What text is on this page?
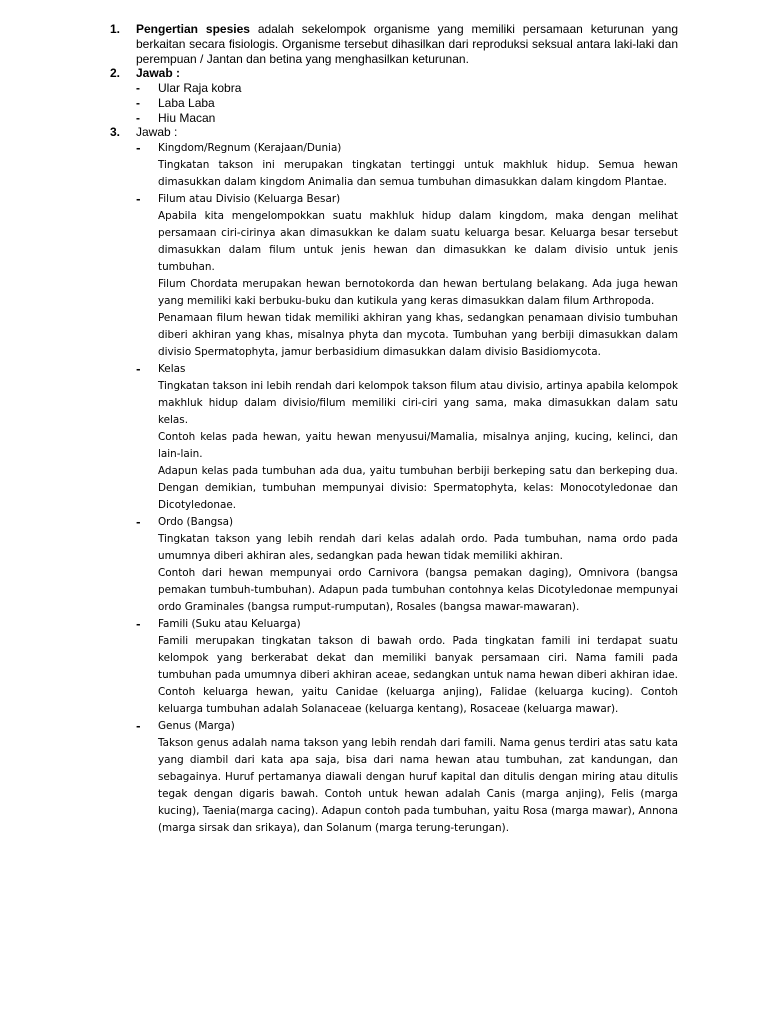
1. Pengertian spesies adalah sekelompok organisme yang memiliki persamaan keturunan yang berkaitan secara fisiologis. Organisme tersebut dihasilkan dari reproduksi seksual antara laki-laki dan perempuan / Jantan dan betina yang menghasilkan keturunan.
2. Jawab :
- Ular Raja kobra
- Laba Laba
- Hiu Macan
3. Jawab :
- Kingdom/Regnum (Kerajaan/Dunia)

Tingkatan takson ini merupakan tingkatan tertinggi untuk makhluk hidup. Semua hewan dimasukkan dalam kingdom Animalia dan semua tumbuhan dimasukkan dalam kingdom Plantae.

- Filum atau Divisio (Keluarga Besar)

Apabila kita mengelompokkan suatu makhluk hidup dalam kingdom, maka dengan melihat persamaan ciri-cirinya akan dimasukkan ke dalam suatu keluarga besar. Keluarga besar tersebut dimasukkan dalam filum untuk jenis hewan dan dimasukkan ke dalam divisio untuk jenis tumbuhan.

Filum Chordata merupakan hewan bernotokorda dan hewan bertulang belakang. Ada juga hewan yang memiliki kaki berbuku-buku dan kutikula yang keras dimasukkan dalam filum Arthropoda.

Penamaan filum hewan tidak memiliki akhiran yang khas, sedangkan penamaan divisio tumbuhan diberi akhiran yang khas, misalnya phyta dan mycota. Tumbuhan yang berbiji dimasukkan dalam divisio Spermatophyta, jamur berbasidium dimasukkan dalam divisio Basidiomycota.

- Kelas

Tingkatan takson ini lebih rendah dari kelompok takson filum atau divisio, artinya apabila kelompok makhluk hidup dalam divisio/filum memiliki ciri-ciri yang sama, maka dimasukkan dalam satu kelas.

Contoh kelas pada hewan, yaitu hewan menyusui/Mamalia, misalnya anjing, kucing, kelinci, dan lain-lain.

Adapun kelas pada tumbuhan ada dua, yaitu tumbuhan berbiji berkeping satu dan berkeping dua. Dengan demikian, tumbuhan mempunyai divisio: Spermatophyta, kelas: Monocotyledonae dan Dicotyledonae.

- Ordo (Bangsa)

Tingkatan takson yang lebih rendah dari kelas adalah ordo. Pada tumbuhan, nama ordo pada umumnya diberi akhiran ales, sedangkan pada hewan tidak memiliki akhiran.

Contoh dari hewan mempunyai ordo Carnivora (bangsa pemakan daging), Omnivora (bangsa pemakan tumbuh-tumbuhan). Adapun pada tumbuhan contohnya kelas Dicotyledonae mempunyai ordo Graminales (bangsa rumput-rumputan), Rosales (bangsa mawar-mawaran).

- Famili (Suku atau Keluarga)

Famili merupakan tingkatan takson di bawah ordo. Pada tingkatan famili ini terdapat suatu kelompok yang berkerabat dekat dan memiliki banyak persamaan ciri. Nama famili pada tumbuhan pada umumnya diberi akhiran aceae, sedangkan untuk nama hewan diberi akhiran idae. Contoh keluarga hewan, yaitu Canidae (keluarga anjing), Falidae (keluarga kucing). Contoh keluarga tumbuhan adalah Solanaceae (keluarga kentang), Rosaceae (keluarga mawar).

- Genus (Marga)

Takson genus adalah nama takson yang lebih rendah dari famili. Nama genus terdiri atas satu kata yang diambil dari kata apa saja, bisa dari nama hewan atau tumbuhan, zat kandungan, dan sebagainya. Huruf pertamanya diawali dengan huruf kapital dan ditulis dengan miring atau ditulis tegak dengan digaris bawah. Contoh untuk hewan adalah Canis (marga anjing), Felis (marga kucing), Taenia(marga cacing). Adapun contoh pada tumbuhan, yaitu Rosa (marga mawar), Annona (marga sirsak dan srikaya), dan Solanum (marga terung-terungan).
